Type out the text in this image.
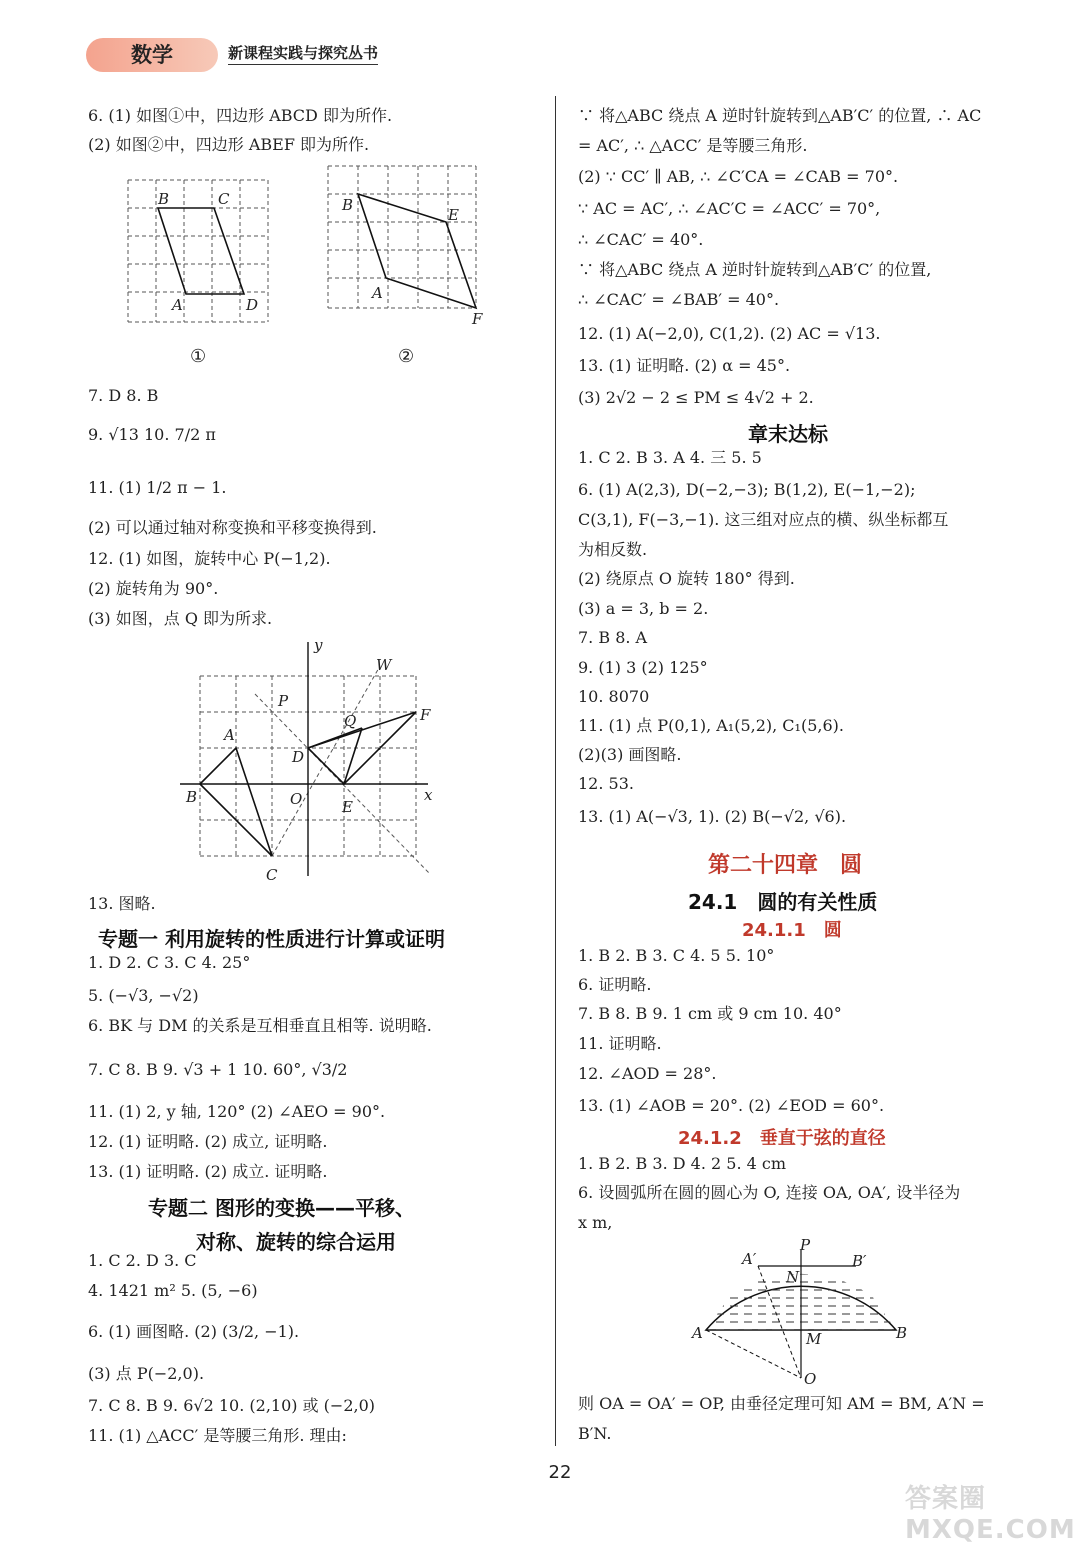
数学	新课程实践与探究丛书
6. (1) 如图①中，四边形 ABCD 即为所作.
(2) 如图②中，四边形 ABEF 即为所作.
B	C
A	D
B
E
A
F
①	②
7. D 8. B
9. √13 10. 7/2 π
11. (1) 1/2 π − 1.
(2) 可以通过轴对称变换和平移变换得到.
12. (1) 如图，旋转中心 P(−1,2).
(2) 旋转角为 90°.
(3) 如图，点 Q 即为所求.
y
x
W
P
Q	F
A
D
B	O	E
C
13. 图略.
专题一 利用旋转的性质进行计算或证明
1. D 2. C 3. C 4. 25°
5. (−√3, −√2)
6. BK 与 DM 的关系是互相垂直且相等. 说明略.
7. C 8. B 9. √3 + 1 10. 60°, √3/2
11. (1) 2, y 轴, 120° (2) ∠AEO = 90°.
12. (1) 证明略. (2) 成立, 证明略.
13. (1) 证明略. (2) 成立. 证明略.
专题二 图形的变换——平移、
对称、旋转的综合运用
1. C 2. D 3. C
4. 1421 m² 5. (5, −6)
6. (1) 画图略. (2) (3/2, −1).
(3) 点 P(−2,0).
7. C 8. B 9. 6√2 10. (2,10) 或 (−2,0)
11. (1) △ACC′ 是等腰三角形. 理由:
∵ 将△ABC 绕点 A 逆时针旋转到△AB′C′ 的位置, ∴ AC
= AC′, ∴ △ACC′ 是等腰三角形.
(2) ∵ CC′ ∥ AB, ∴ ∠C′CA = ∠CAB = 70°.
∵ AC = AC′, ∴ ∠AC′C = ∠ACC′ = 70°,
∴ ∠CAC′ = 40°.
∵ 将△ABC 绕点 A 逆时针旋转到△AB′C′ 的位置,
∴ ∠CAC′ = ∠BAB′ = 40°.
12. (1) A(−2,0), C(1,2). (2) AC = √13.
13. (1) 证明略. (2) α = 45°.
(3) 2√2 − 2 ≤ PM ≤ 4√2 + 2.
章末达标
1. C 2. B 3. A 4. 三 5. 5
6. (1) A(2,3), D(−2,−3); B(1,2), E(−1,−2);
C(3,1), F(−3,−1). 这三组对应点的横、纵坐标都互
为相反数.
(2) 绕原点 O 旋转 180° 得到.
(3) a = 3, b = 2.
7. B 8. A
9. (1) 3 (2) 125°
10. 8070
11. (1) 点 P(0,1), A₁(5,2), C₁(5,6).
(2)(3) 画图略.
12. 53.
13. (1) A(−√3, 1). (2) B(−√2, √6).
第二十四章　圆
24.1　圆的有关性质
24.1.1　圆
1. B 2. B 3. C 4. 5 5. 10°
6. 证明略.
7. B 8. B 9. 1 cm 或 9 cm 10. 40°
11. 证明略.
12. ∠AOD = 28°.
13. (1) ∠AOB = 20°. (2) ∠EOD = 60°.
24.1.2　垂直于弦的直径
1. B 2. B 3. D 4. 2 5. 4 cm
6. 设圆弧所在圆的圆心为 O, 连接 OA, OA′, 设半径为
x m,
P
A′	B′
N
A	B
M
O
则 OA = OA′ = OP, 由垂径定理可知 AM = BM, A′N =
B′N.
22
答案圈 MXQE.COM
